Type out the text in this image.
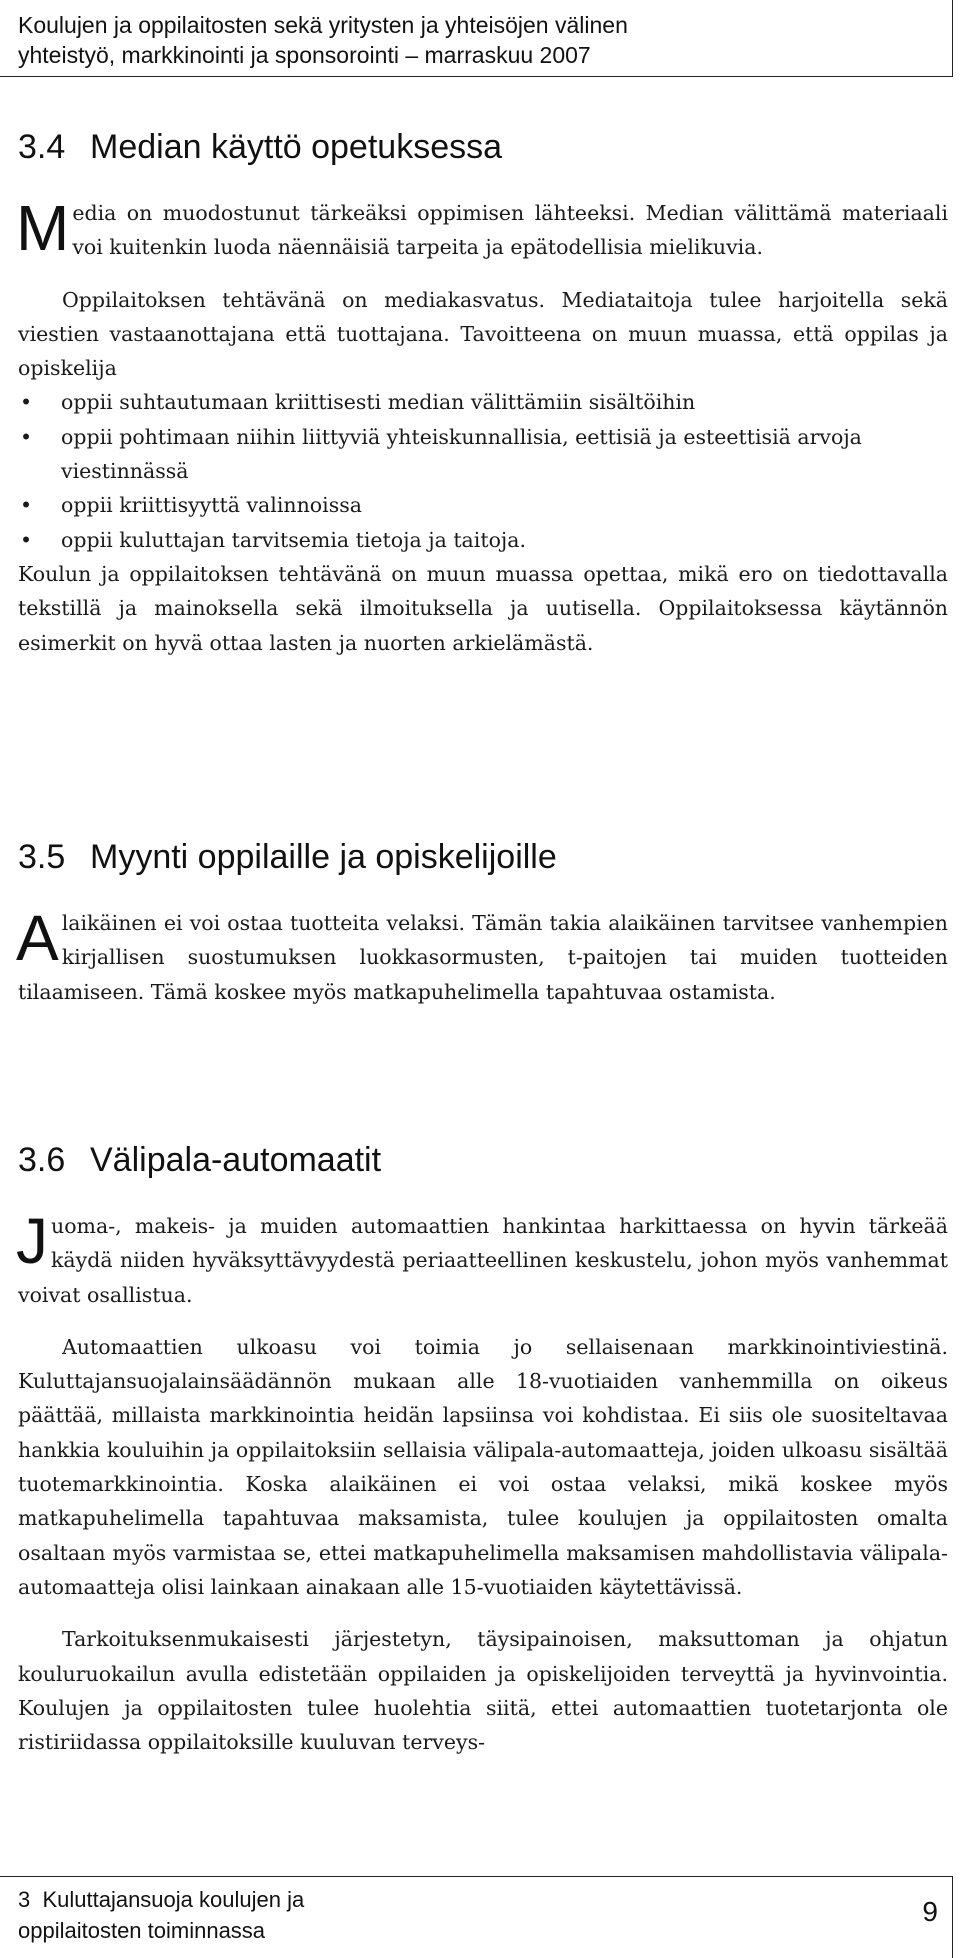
Koulujen ja oppilaitosten sekä yritysten ja yhteisöjen välinen
yhteistyö, markkinointi ja sponsorointi – marraskuu 2007
3.4 Median käyttö opetuksessa

Media on muodostunut tärkeäksi oppimisen lähteeksi. Median välittämä materiaali voi kuitenkin luoda näennäisiä tarpeita ja epätodellisia mielikuvia.

Oppilaitoksen tehtävänä on mediakasvatus. Mediataitoja tulee harjoitella sekä viestien vastaanottajana että tuottajana. Tavoitteena on muun muassa, että oppilas ja opiskelija

• oppii suhtautumaan kriittisesti median välittämiin sisältöihin
• oppii pohtimaan niihin liittyviä yhteiskunnallisia, eettisiä ja esteettisiä arvoja viestinnässä
• oppii kriittisyyttä valinnoissa
• oppii kuluttajan tarvitsemia tietoja ja taitoja.

Koulun ja oppilaitoksen tehtävänä on muun muassa opettaa, mikä ero on tiedottavalla tekstillä ja mainoksella sekä ilmoituksella ja uutisella. Oppilaitoksessa käytännön esimerkit on hyvä ottaa lasten ja nuorten arkielämästä.

3.5 Myynti oppilaille ja opiskelijoille

Alaikäinen ei voi ostaa tuotteita velaksi. Tämän takia alaikäinen tarvitsee vanhempien kirjallisen suostumuksen luokkasormusten, t-paitojen tai muiden tuotteiden tilaamiseen. Tämä koskee myös matkapuhelimella tapahtuvaa ostamista.

3.6 Välipala-automaatit

Juoma-, makeis- ja muiden automaattien hankintaa harkittaessa on hyvin tärkeää käydä niiden hyväksyttävyydestä periaatteellinen keskustelu, johon myös vanhemmat voivat osallistua.

Automaattien ulkoasu voi toimia jo sellaisenaan markkinointiviestinä. Kuluttajansuojalainsäädännön mukaan alle 18-vuotiaiden vanhemmilla on oikeus päättää, millaista markkinointia heidän lapsiinsa voi kohdistaa. Ei siis ole suositeltavaa hankkia kouluihin ja oppilaitoksiin sellaisia välipala-automaatteja, joiden ulkoasu sisältää tuotemarkkinointia. Koska alaikäinen ei voi ostaa velaksi, mikä koskee myös matkapuhelimella tapahtuvaa maksamista, tulee koulujen ja oppilaitosten omalta osaltaan myös varmistaa se, ettei matkapuhelimella maksamisen mahdollistavia välipala-automaatteja olisi lainkaan ainakaan alle 15-vuotiaiden käytettävissä.

Tarkoituksenmukaisesti järjestetyn, täysipainoisen, maksuttoman ja ohjatun kouluruokailun avulla edistetään oppilaiden ja opiskelijoiden terveyttä ja hyvinvointia. Koulujen ja oppilaitosten tulee huolehtia siitä, ettei automaattien tuotetarjonta ole ristiriidassa oppilaitoksille kuuluvan terveys-

3  Kuluttajansuoja koulujen ja
oppilaitosten toiminnassa
9
